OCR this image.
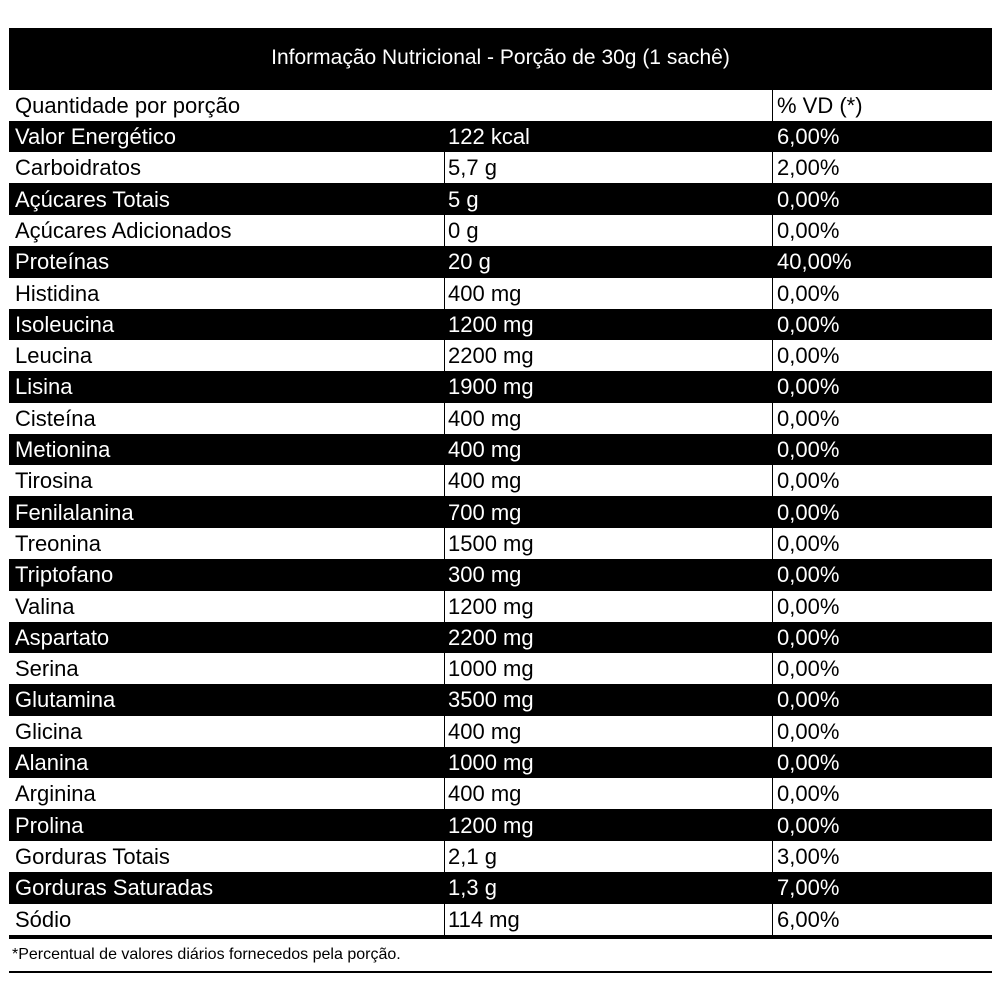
Informação Nutricional - Porção de 30g (1 sachê)
Quantidade por porção	% VD (*)
Valor Energético	122 kcal	6,00%
Carboidratos	5,7 g	2,00%
Açúcares Totais	5 g	0,00%
Açúcares Adicionados	0 g	0,00%
Proteínas	20 g	40,00%
Histidina	400 mg	0,00%
Isoleucina	1200 mg	0,00%
Leucina	2200 mg	0,00%
Lisina	1900 mg	0,00%
Cisteína	400 mg	0,00%
Metionina	400 mg	0,00%
Tirosina	400 mg	0,00%
Fenilalanina	700 mg	0,00%
Treonina	1500 mg	0,00%
Triptofano	300 mg	0,00%
Valina	1200 mg	0,00%
Aspartato	2200 mg	0,00%
Serina	1000 mg	0,00%
Glutamina	3500 mg	0,00%
Glicina	400 mg	0,00%
Alanina	1000 mg	0,00%
Arginina	400 mg	0,00%
Prolina	1200 mg	0,00%
Gorduras Totais	2,1 g	3,00%
Gorduras Saturadas	1,3 g	7,00%
Sódio	114 mg	6,00%
*Percentual de valores diários fornecedos pela porção.
